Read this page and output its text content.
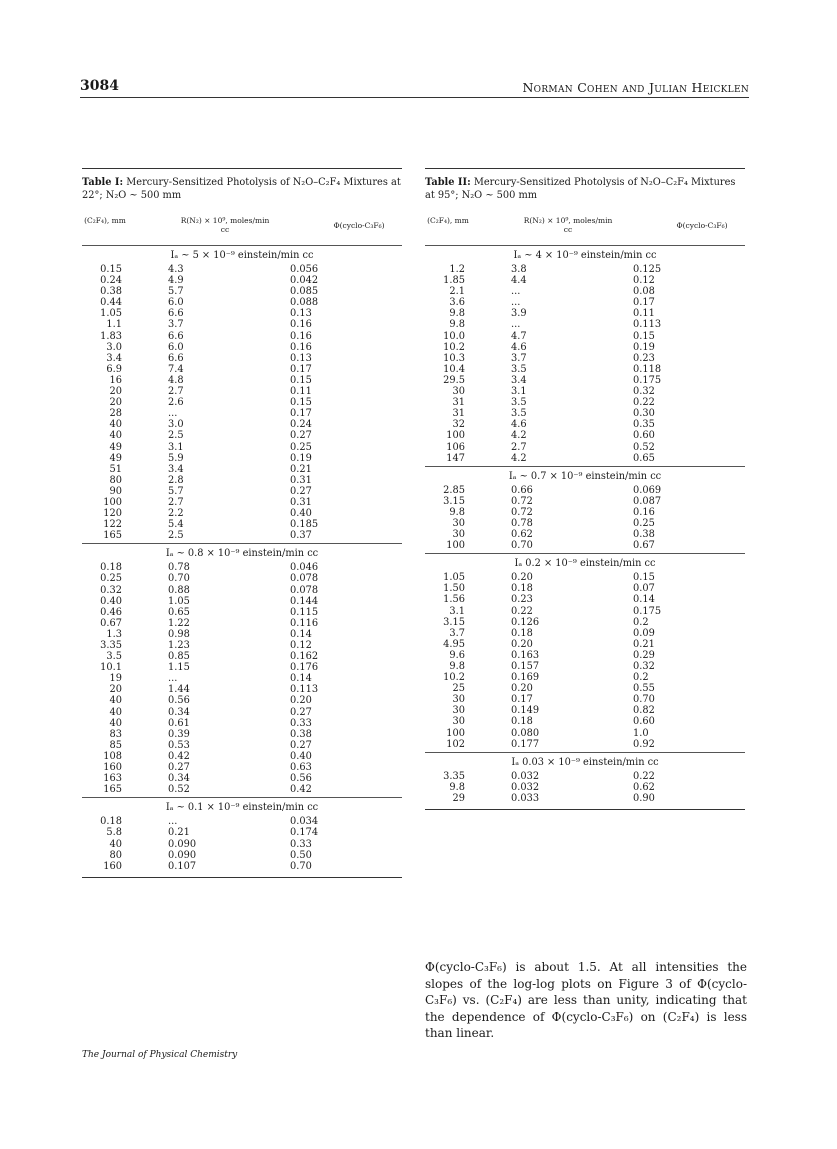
3084	Norman Cohen and Julian Heicklen
Table I: Mercury-Sensitized Photolysis of N₂O–C₂F₄ Mixtures at 22°; N₂O ~ 500 mm
(C₂F₄), mm	R(N₂) × 10⁹, moles/min cc	Φ(cyclo-C₃F₆)
Iₐ ~ 5 × 10⁻⁹ einstein/min cc
0.15	4.3	0.056
0.24	4.9	0.042
0.38	5.7	0.085
0.44	6.0	0.088
1.05	6.6	0.13
1.1	3.7	0.16
1.83	6.6	0.16
3.0	6.0	0.16
3.4	6.6	0.13
6.9	7.4	0.17
16	4.8	0.15
20	2.7	0.11
20	2.6	0.15
28	...	0.17
40	3.0	0.24
40	2.5	0.27
49	3.1	0.25
49	5.9	0.19
51	3.4	0.21
80	2.8	0.31
90	5.7	0.27
100	2.7	0.31
120	2.2	0.40
122	5.4	0.185
165	2.5	0.37
Iₐ ~ 0.8 × 10⁻⁹ einstein/min cc
0.18	0.78	0.046
0.25	0.70	0.078
0.32	0.88	0.078
0.40	1.05	0.144
0.46	0.65	0.115
0.67	1.22	0.116
1.3	0.98	0.14
3.35	1.23	0.12
3.5	0.85	0.162
10.1	1.15	0.176
19	...	0.14
20	1.44	0.113
40	0.56	0.20
40	0.34	0.27
40	0.61	0.33
83	0.39	0.38
85	0.53	0.27
108	0.42	0.40
160	0.27	0.63
163	0.34	0.56
165	0.52	0.42
Iₐ ~ 0.1 × 10⁻⁹ einstein/min cc
0.18	...	0.034
5.8	0.21	0.174
40	0.090	0.33
80	0.090	0.50
160	0.107	0.70
Table II: Mercury-Sensitized Photolysis of N₂O–C₂F₄ Mixtures at 95°; N₂O ~ 500 mm
(C₂F₄), mm	R(N₂) × 10⁹, moles/min cc	Φ(cyclo-C₃F₆)
Iₐ ~ 4 × 10⁻⁹ einstein/min cc
1.2	3.8	0.125
1.85	4.4	0.12
2.1	...	0.08
3.6	...	0.17
9.8	3.9	0.11
9.8	...	0.113
10.0	4.7	0.15
10.2	4.6	0.19
10.3	3.7	0.23
10.4	3.5	0.118
29.5	3.4	0.175
30	3.1	0.32
31	3.5	0.22
31	3.5	0.30
32	4.6	0.35
100	4.2	0.60
106	2.7	0.52
147	4.2	0.65
Iₐ ~ 0.7 × 10⁻⁹ einstein/min cc
2.85	0.66	0.069
3.15	0.72	0.087
9.8	0.72	0.16
30	0.78	0.25
30	0.62	0.38
100	0.70	0.67
Iₐ 0.2 × 10⁻⁹ einstein/min cc
1.05	0.20	0.15
1.50	0.18	0.07
1.56	0.23	0.14
3.1	0.22	0.175
3.15	0.126	0.2
3.7	0.18	0.09
4.95	0.20	0.21
9.6	0.163	0.29
9.8	0.157	0.32
10.2	0.169	0.2
25	0.20	0.55
30	0.17	0.70
30	0.149	0.82
30	0.18	0.60
100	0.080	1.0
102	0.177	0.92
Iₐ 0.03 × 10⁻⁹ einstein/min cc
3.35	0.032	0.22
9.8	0.032	0.62
29	0.033	0.90
Φ(cyclo-C₃F₆) is about 1.5. At all intensities the slopes of the log-log plots on Figure 3 of Φ(cyclo-C₃F₆) vs. (C₂F₄) are less than unity, indicating that the dependence of Φ(cyclo-C₃F₆) on (C₂F₄) is less than linear.
The Journal of Physical Chemistry
